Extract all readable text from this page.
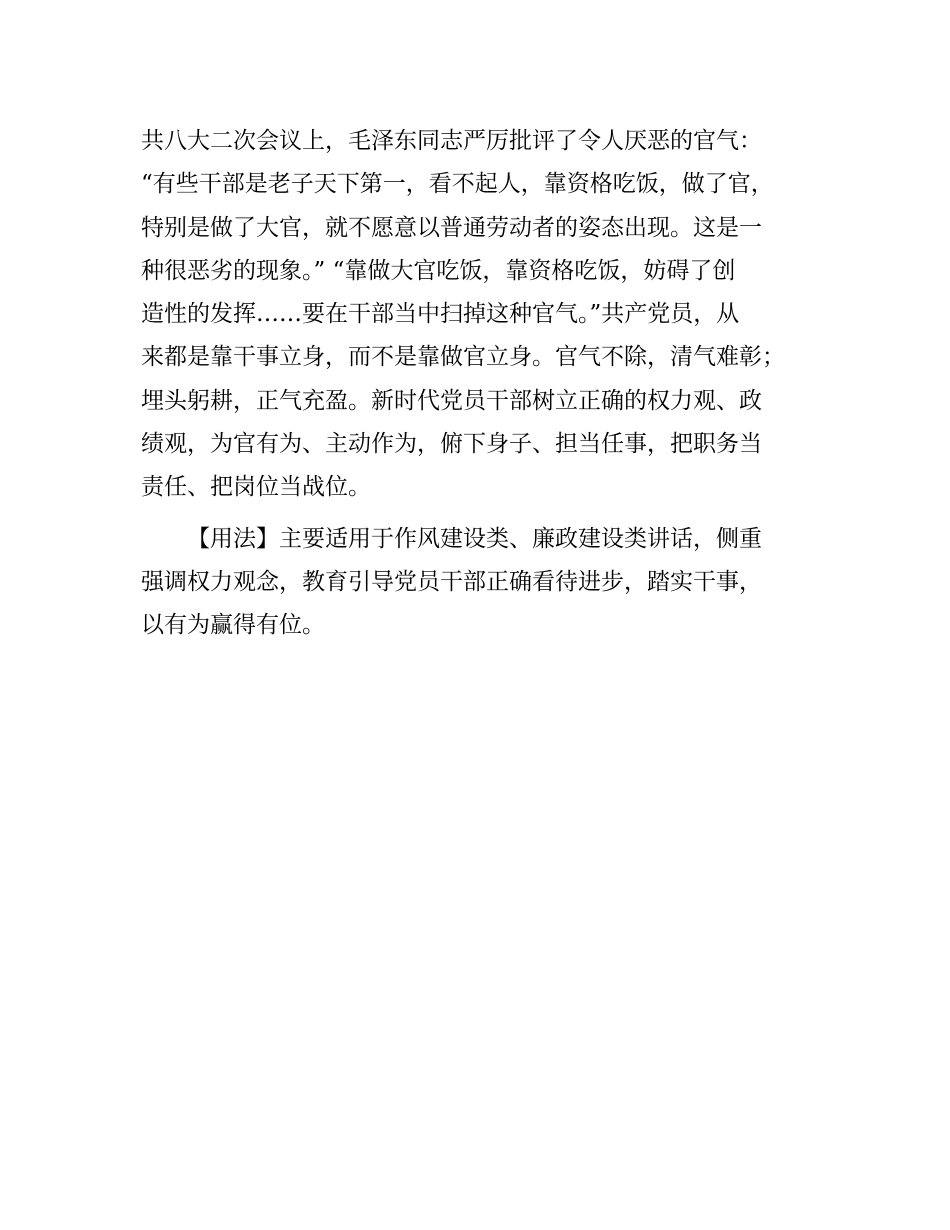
共八大二次会议上，毛泽东同志严厉批评了令人厌恶的官气：
“有些干部是老子天下第一，看不起人，靠资格吃饭，做了官，
特别是做了大官，就不愿意以普通劳动者的姿态出现。这是一
种很恶劣的现象。” “靠做大官吃饭，靠资格吃饭，妨碍了创
造性的发挥……要在干部当中扫掉这种官气。”共产党员，从
来都是靠干事立身，而不是靠做官立身。官气不除，清气难彰；
埋头躬耕，正气充盈。新时代党员干部树立正确的权力观、政
绩观，为官有为、主动作为，俯下身子、担当任事，把职务当
责任、把岗位当战位。
【用法】主要适用于作风建设类、廉政建设类讲话，侧重
强调权力观念，教育引导党员干部正确看待进步，踏实干事，
以有为赢得有位。
